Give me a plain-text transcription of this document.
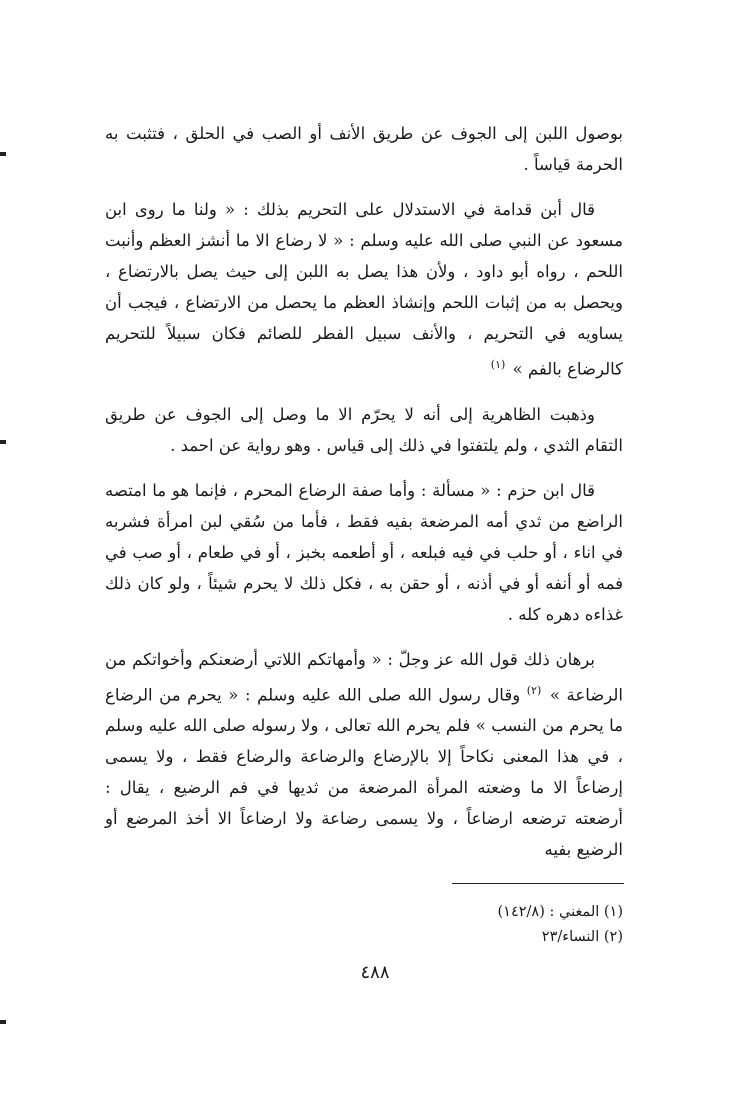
بوصول اللبن إلى الجوف عن طريق الأنف أو الصب في الحلق ، فتثبت به الحرمة قياساً .

قال أبن قدامة في الاستدلال على التحريم بذلك : « ولنا ما روى ابن مسعود عن النبي صلى الله عليه وسلم : « لا رضاع الا ما أنشز العظم وأنبت اللحم ، رواه أبو داود ، ولأن هذا يصل به اللبن إلى حيث يصل بالارتضاع ، ويحصل به من إثبات اللحم وإنشاذ العظم ما يحصل من الارتضاع ، فيجب أن يساويه في التحريم ، والأنف سبيل الفطر للصائم فكان سبيلاً للتحريم كالرضاع بالفم » $^{(١)}$

وذهبت الظاهرية إلى أنه لا يحرّم الا ما وصل إلى الجوف عن طريق التقام الثدي ، ولم يلتفتوا في ذلك إلى قياس . وهو رواية عن احمد .

قال ابن حزم : « مسألة : وأما صفة الرضاع المحرم ، فإنما هو ما امتصه الراضع من ثدي أمه المرضعة بفيه فقط ، فأما من سُقي لبن امرأة فشربه في اناء ، أو حلب في فيه فبلعه ، أو أطعمه بخبز ، أو في طعام ، أو صب في فمه أو أنفه أو في أذنه ، أو حقن به ، فكل ذلك لا يحرم شيئاً ، ولو كان ذلك غذاءه دهره كله .

برهان ذلك قول الله عز وجلّ : « وأمهاتكم اللاتي أرضعنكم وأخواتكم من الرضاعة » $^{(٢)}$ وقال رسول الله صلى الله عليه وسلم : « يحرم من الرضاع ما يحرم من النسب » فلم يحرم الله تعالى ، ولا رسوله صلى الله عليه وسلم ، في هذا المعنى نكاحاً إلا بالإرضاع والرضاعة والرضاع فقط ، ولا يسمى إرضاعاً الا ما وضعته المرأة المرضعة من ثديها في فم الرضيع ، يقال : أرضعته ترضعه ارضاعاً ، ولا يسمى رضاعة ولا ارضاعاً الا أخذ المرضع أو الرضيع بفيه

(١) المغني : (١٤٢/٨)

(٢) النساء/٢٣

٤٨٨
